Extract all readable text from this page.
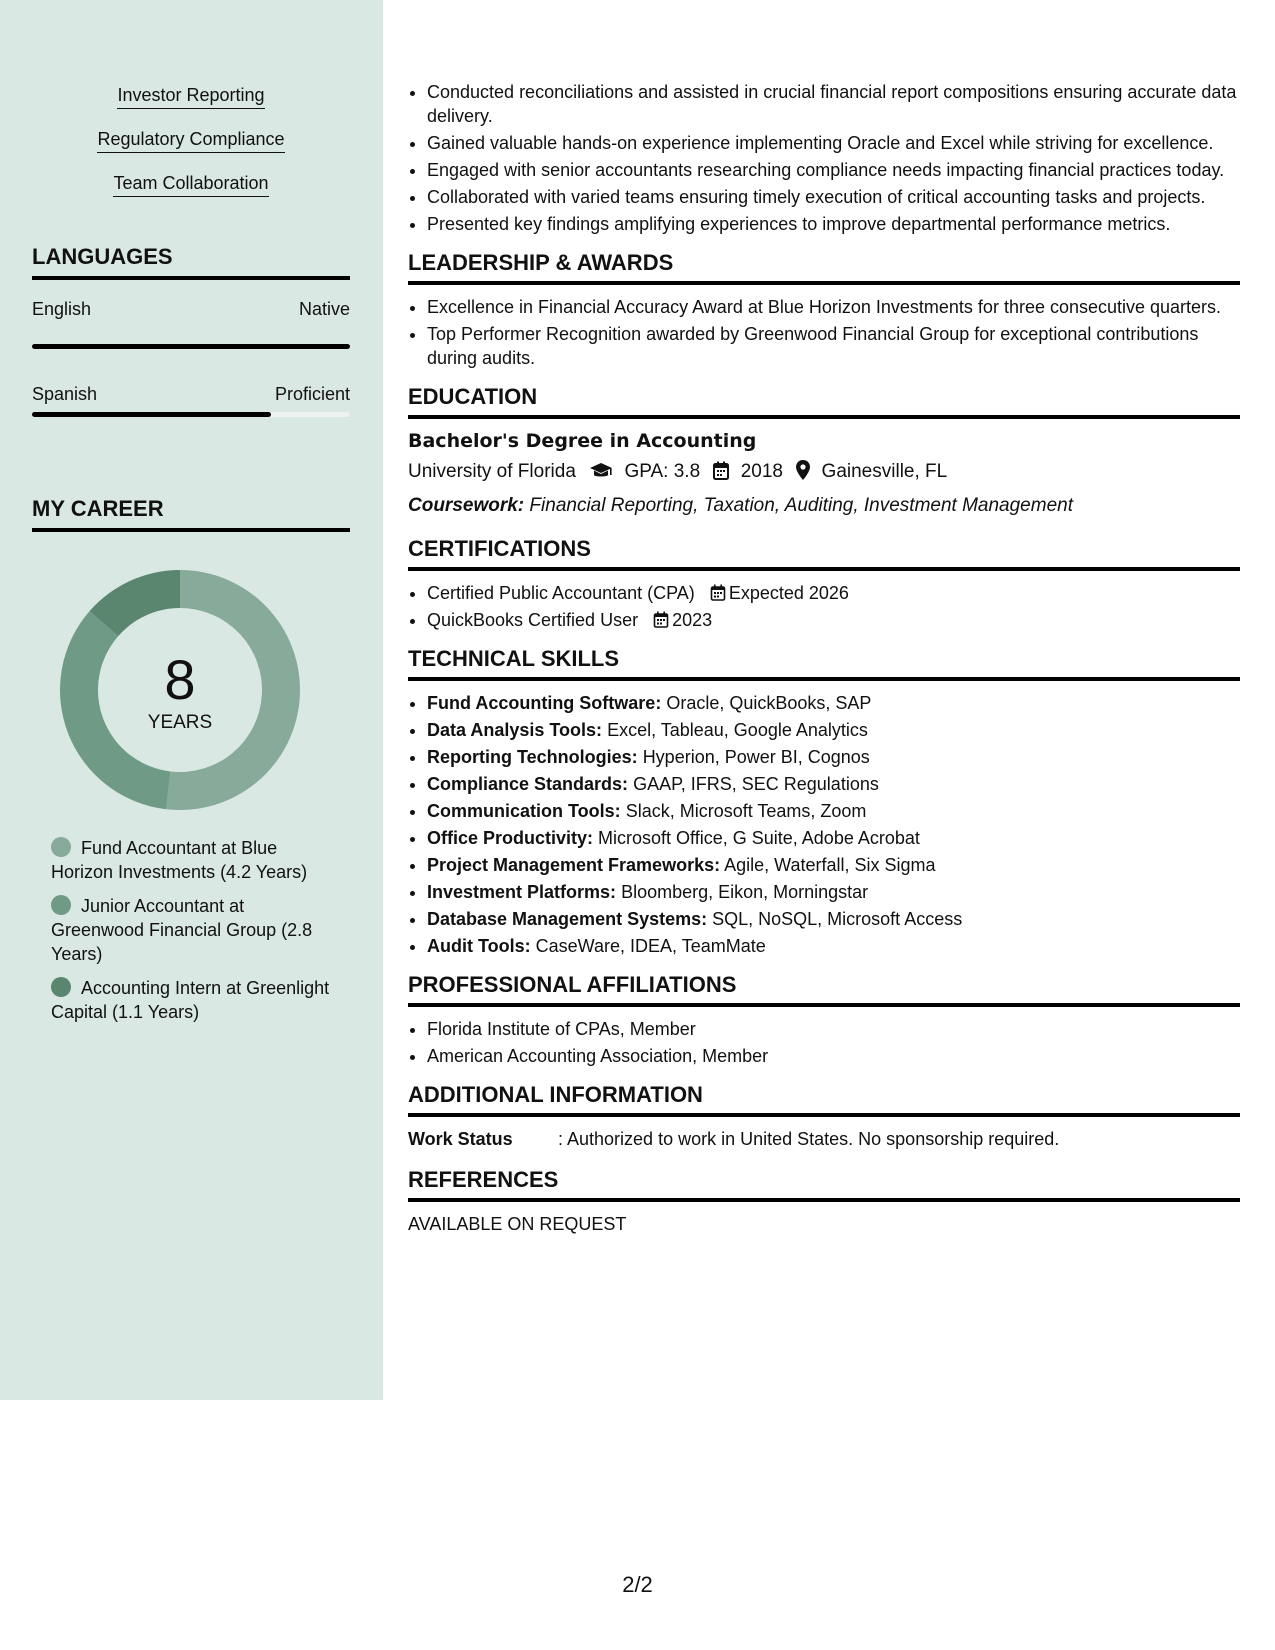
Investor Reporting
Regulatory Compliance
Team Collaboration
LANGUAGES
English	Native
Spanish	Proficient
MY CAREER
8
YEARS
Fund Accountant at Blue Horizon Investments (4.2 Years)
Junior Accountant at Greenwood Financial Group (2.8 Years)
Accounting Intern at Greenlight Capital (1.1 Years)
• Conducted reconciliations and assisted in crucial financial report compositions ensuring accurate data delivery.
• Gained valuable hands-on experience implementing Oracle and Excel while striving for excellence.
• Engaged with senior accountants researching compliance needs impacting financial practices today.
• Collaborated with varied teams ensuring timely execution of critical accounting tasks and projects.
• Presented key findings amplifying experiences to improve departmental performance metrics.
LEADERSHIP & AWARDS
• Excellence in Financial Accuracy Award at Blue Horizon Investments for three consecutive quarters.
• Top Performer Recognition awarded by Greenwood Financial Group for exceptional contributions during audits.
EDUCATION
Bachelor's Degree in Accounting
University of Florida	GPA: 3.8 2018 Gainesville, FL
Coursework: Financial Reporting, Taxation, Auditing, Investment Management
CERTIFICATIONS
• Certified Public Accountant (CPA) Expected 2026
• QuickBooks Certified User 2023
TECHNICAL SKILLS
• Fund Accounting Software: Oracle, QuickBooks, SAP
• Data Analysis Tools: Excel, Tableau, Google Analytics
• Reporting Technologies: Hyperion, Power BI, Cognos
• Compliance Standards: GAAP, IFRS, SEC Regulations
• Communication Tools: Slack, Microsoft Teams, Zoom
• Office Productivity: Microsoft Office, G Suite, Adobe Acrobat
• Project Management Frameworks: Agile, Waterfall, Six Sigma
• Investment Platforms: Bloomberg, Eikon, Morningstar
• Database Management Systems: SQL, NoSQL, Microsoft Access
• Audit Tools: CaseWare, IDEA, TeamMate
PROFESSIONAL AFFILIATIONS
• Florida Institute of CPAs, Member
• American Accounting Association, Member
ADDITIONAL INFORMATION
Work Status	: Authorized to work in United States. No sponsorship required.
REFERENCES
AVAILABLE ON REQUEST
2/2
